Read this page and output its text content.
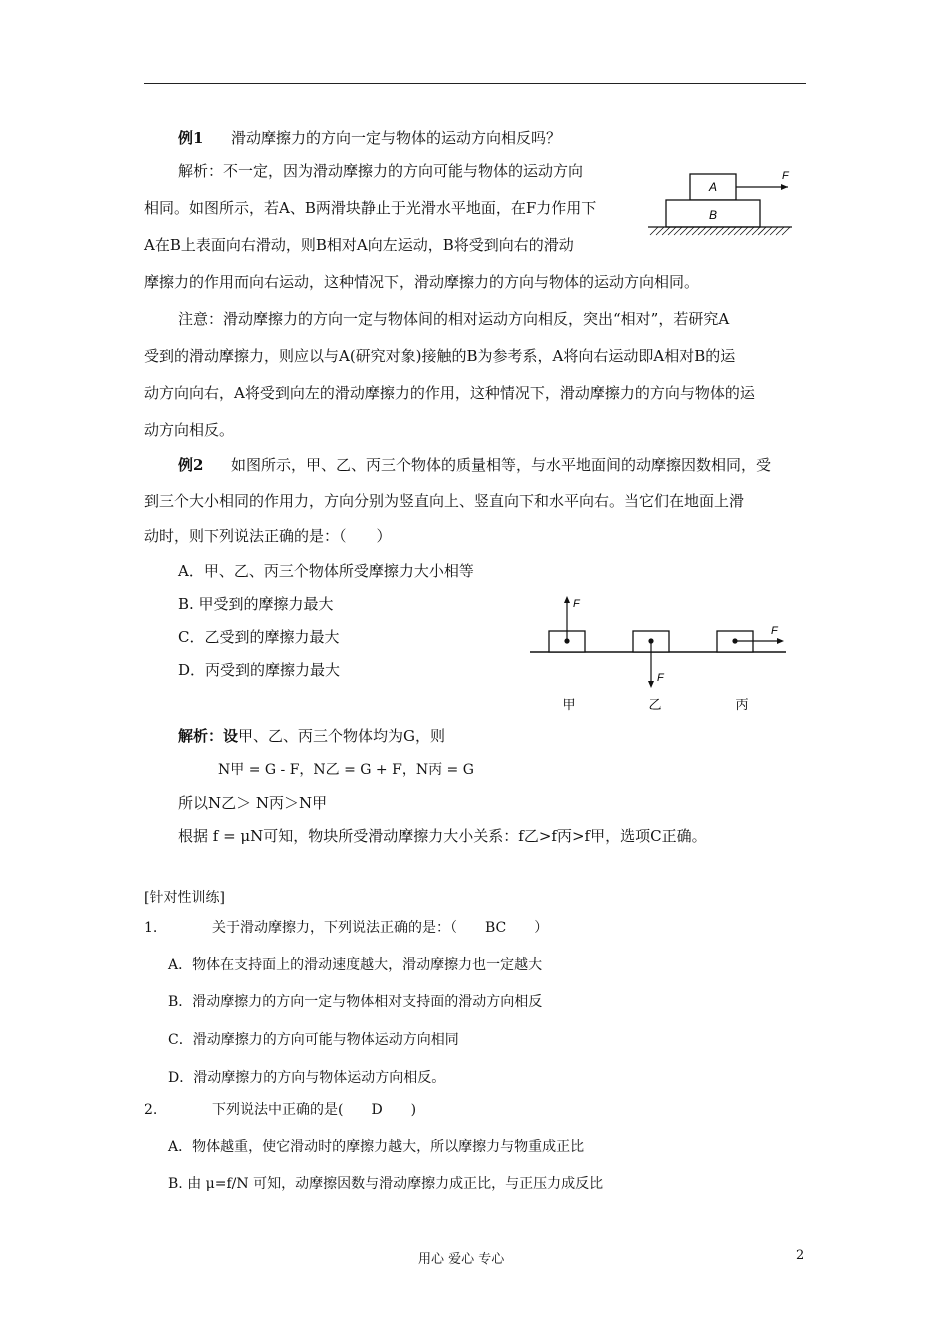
例1 滑动摩擦力的方向一定与物体的运动方向相反吗？
解析：不一定，因为滑动摩擦力的方向可能与物体的运动方向
相同。如图所示，若A、B两滑块静止于光滑水平地面，在F力作用下
A在B上表面向右滑动，则B相对A向左运动，B将受到向右的滑动
摩擦力的作用而向右运动，这种情况下，滑动摩擦力的方向与物体的运动方向相同。
A
B
F
注意：滑动摩擦力的方向一定与物体间的相对运动方向相反，突出“相对”，若研究A
受到的滑动摩擦力，则应以与A(研究对象)接触的B为参考系，A将向右运动即A相对B的运
动方向向右，A将受到向左的滑动摩擦力的作用，这种情况下，滑动摩擦力的方向与物体的运
动方向相反。
例2 如图所示，甲、乙、丙三个物体的质量相等，与水平地面间的动摩擦因数相同，受
到三个大小相同的作用力，方向分别为竖直向上、竖直向下和水平向右。当它们在地面上滑
动时，则下列说法正确的是：（　　）
A．甲、乙、丙三个物体所受摩擦力大小相等
B. 甲受到的摩擦力最大
C．乙受到的摩擦力最大
D．丙受到的摩擦力最大
F
F
F
甲	乙	丙
解析：设甲、乙、丙三个物体均为G，则
N甲 = G - F，N乙 = G + F，N丙 = G
所以N乙＞ N丙＞N甲
根据 f = μN可知，物块所受滑动摩擦力大小关系：f乙>f丙>f甲，选项C正确。
[针对性训练]
1.	关于滑动摩擦力，下列说法正确的是：（　　BC　　）
A．物体在支持面上的滑动速度越大，滑动摩擦力也一定越大
B．滑动摩擦力的方向一定与物体相对支持面的滑动方向相反
C．滑动摩擦力的方向可能与物体运动方向相同
D．滑动摩擦力的方向与物体运动方向相反。
2.	下列说法中正确的是(　　D　　)
A．物体越重，使它滑动时的摩擦力越大，所以摩擦力与物重成正比
B. 由 μ=f/N 可知，动摩擦因数与滑动摩擦力成正比，与正压力成反比
用心 爱心 专心	2
